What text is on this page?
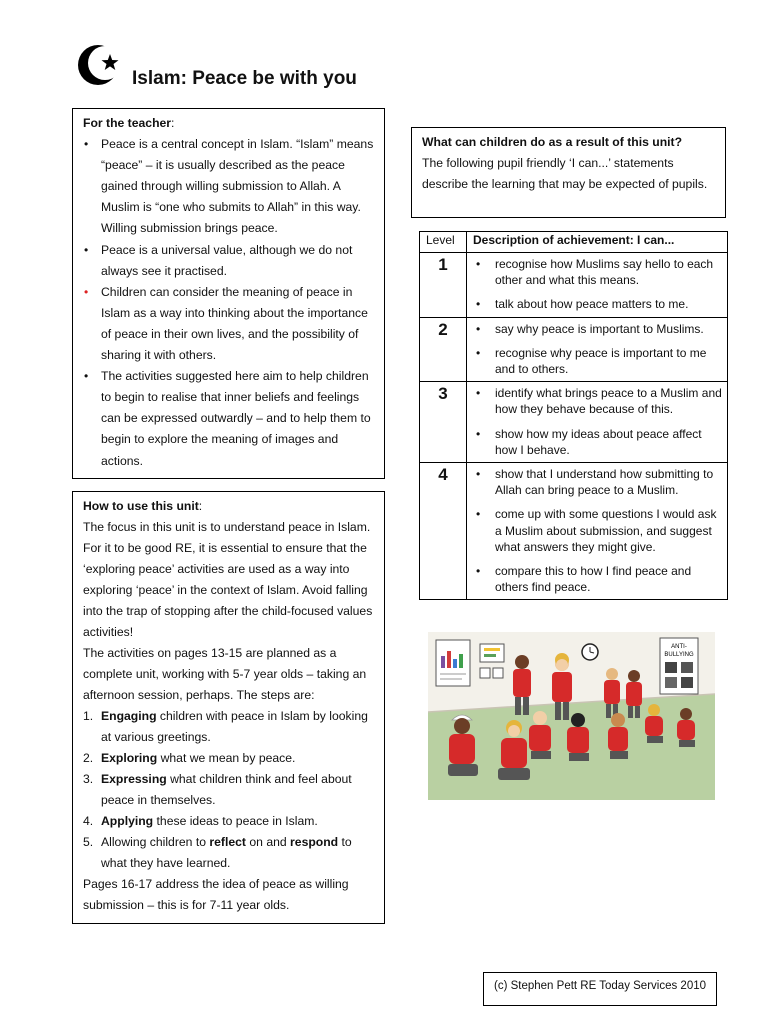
Islam: Peace be with you
For the teacher:
• Peace is a central concept in Islam. “Islam” means “peace” – it is usually described as the peace gained through willing submission to Allah. A Muslim is “one who submits to Allah” in this way. Willing submission brings peace.
• Peace is a universal value, although we do not always see it practised.
• Children can consider the meaning of peace in Islam as a way into thinking about the importance of peace in their own lives, and the possibility of sharing it with others.
• The activities suggested here aim to help children to begin to realise that inner beliefs and feelings can be expressed outwardly – and to help them to begin to explore the meaning of images and actions.
How to use this unit:
The focus in this unit is to understand peace in Islam. For it to be good RE, it is essential to ensure that the ‘exploring peace’ activities are used as a way into exploring ‘peace’ in the context of Islam. Avoid falling into the trap of stopping after the child-focused values activities!
The activities on pages 13-15 are planned as a complete unit, working with 5-7 year olds – taking an afternoon session, perhaps. The steps are:
1. Engaging children with peace in Islam by looking at various greetings.
2. Exploring what we mean by peace.
3. Expressing what children think and feel about peace in themselves.
4. Applying these ideas to peace in Islam.
5. Allowing children to reflect on and respond to what they have learned.
Pages 16-17 address the idea of peace as willing submission – this is for 7-11 year olds.
What can children do as a result of this unit?
The following pupil friendly ‘I can...’ statements describe the learning that may be expected of pupils.
Level	Description of achievement: I can...
1	• recognise how Muslims say hello to each other and what this means.
• talk about how peace matters to me.

2	• say why peace is important to Muslims.
• recognise why peace is important to me and to others.

3	• identify what brings peace to a Muslim and how they behave because of this.
• show how my ideas about peace affect how I behave.

4	• show that I understand how submitting to Allah can bring peace to a Muslim.
• come up with some questions I would ask a Muslim about submission, and suggest what answers they might give.
• compare this to how I find peace and others find peace.
ANTI-
BULLYING
(c) Stephen Pett RE Today Services 2010
